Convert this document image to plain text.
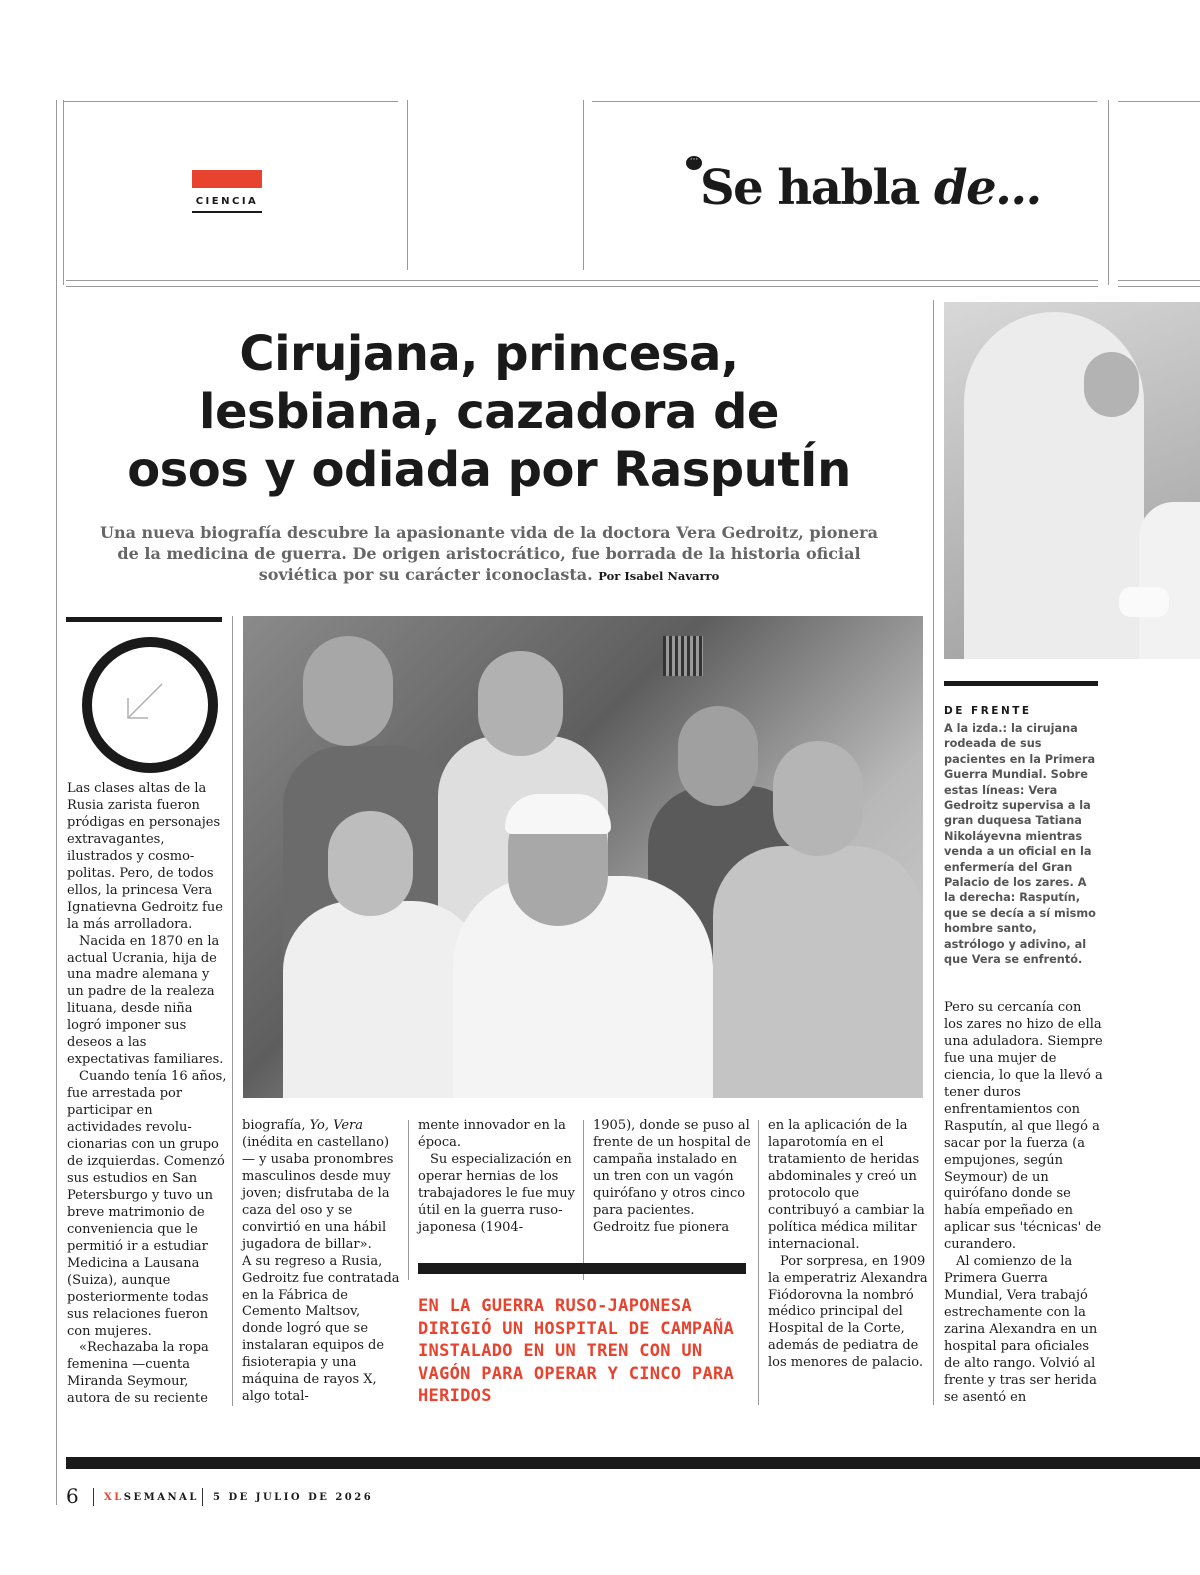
CIENCIA
··· Se habla de...
Cirujana, princesa,
lesbiana, cazadora de
osos y odiada por RasputÍn
Una nueva biografía descubre la apasionante vida de la doctora Vera Gedroitz, pionera de la medicina de guerra. De origen aristocrático, fue borrada de la historia oficial soviética por su carácter iconoclasta. Por Isabel Navarro
DE FRENTE
A la izda.: la cirujana rodeada de sus pacientes en la Primera Guerra Mundial. Sobre estas líneas: Vera Gedroitz supervisa a la gran duquesa Tatiana Nikoláyevna mientras venda a un oficial en la enfermería del Gran Palacio de los zares. A la derecha: Rasputín, que se decía a sí mismo hombre santo, astrólogo y adivino, al que Vera se enfrentó.

Las clases altas de la Rusia zarista fueron pródigas en personajes extravagantes, ilustrados y cosmo-politas. Pero, de todos ellos, la princesa Vera Ignatievna Gedroitz fue la más arrolladora.

Nacida en 1870 en la actual Ucrania, hija de una madre alemana y un padre de la realeza lituana, desde niña logró imponer sus deseos a las expectativas familiares.

Cuando tenía 16 años, fue arrestada por participar en actividades revolu-cionarias con un grupo de izquierdas. Comenzó sus estudios en San Petersburgo y tuvo un breve matrimonio de conveniencia que le permitió ir a estudiar Medicina a Lausana (Suiza), aunque posteriormente todas sus relaciones fueron con mujeres.

«Rechazaba la ropa femenina —cuenta Miranda Seymour, autora de su reciente

biografía, Yo, Vera (inédita en castellano)— y usaba pronombres masculinos desde muy joven; disfrutaba de la caza del oso y se convirtió en una hábil jugadora de billar».

A su regreso a Rusia, Gedroitz fue contratada en la Fábrica de Cemento Maltsov, donde logró que se instalaran equipos de fisioterapia y una máquina de rayos X, algo total-

mente innovador en la época.

Su especialización en operar hernias de los trabajadores le fue muy útil en la guerra ruso-japonesa (1904-

1905), donde se puso al frente de un hospital de campaña instalado en un tren con un vagón quirófano y otros cinco para pacientes. Gedroitz fue pionera

EN LA GUERRA RUSO-JAPONESA DIRIGIÓ UN HOSPITAL DE CAMPAÑA INSTALADO EN UN TREN CON UN VAGÓN PARA OPERAR Y CINCO PARA HERIDOS

en la aplicación de la laparotomía en el tratamiento de heridas abdominales y creó un protocolo que contribuyó a cambiar la política médica militar internacional.

Por sorpresa, en 1909 la emperatriz Alexandra Fiódorovna la nombró médico principal del Hospital de la Corte, además de pediatra de los menores de palacio.

Pero su cercanía con los zares no hizo de ella una aduladora. Siempre fue una mujer de ciencia, lo que la llevó a tener duros enfrentamientos con Rasputín, al que llegó a sacar por la fuerza (a empujones, según Seymour) de un quirófano donde se había empeñado en aplicar sus 'técnicas' de curandero.

Al comienzo de la Primera Guerra Mundial, Vera trabajó estrechamente con la zarina Alexandra en un hospital para oficiales de alto rango. Volvió al frente y tras ser herida se asentó en

6	XLSEMANAL 5 DE JULIO DE 2026
